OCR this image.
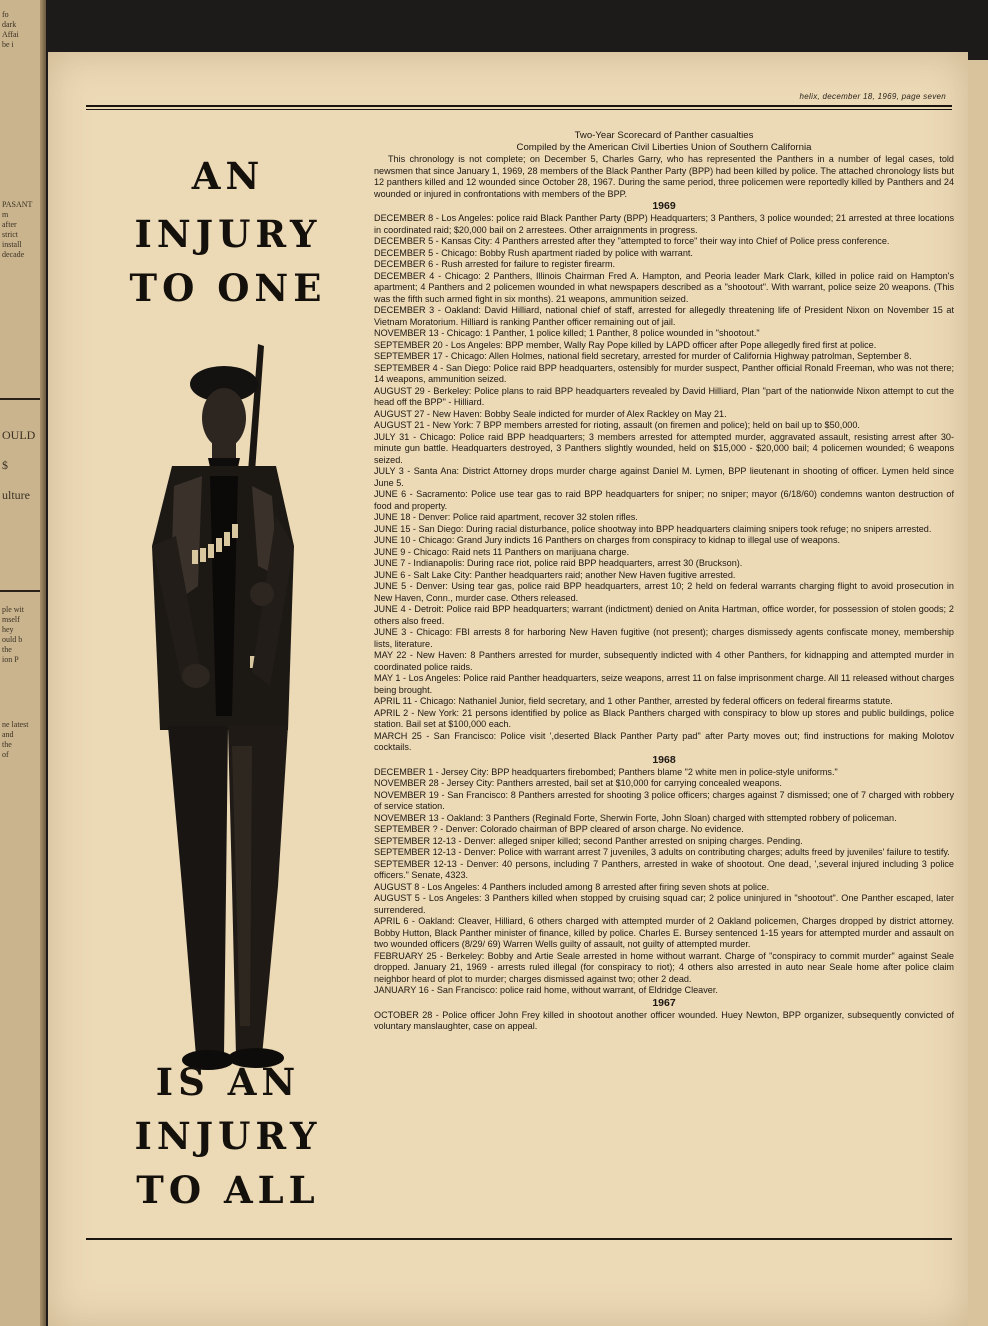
fo
dark
Affai
be i
PASANT
m
after
strict
install
decade
OULD
$
ulture
ple wit
mself
hey
ould b
the
ion P
ne latest
and
the
of
helix, december 18, 1969, page seven
AN
INJURY
TO ONE
IS AN
INJURY
TO ALL
Two-Year Scorecard of Panther casualties
Compiled by the American Civil Liberties Union of Southern California
This chronology is not complete; on December 5, Charles Garry, who has represented the Panthers in a number of legal cases, told newsmen that since January 1, 1969, 28 members of the Black Panther Party (BPP) had been killed by police. The attached chronology lists but 12 panthers killed and 12 wounded since October 28, 1967. During the same period, three policemen were reportedly killed by Panthers and 24 wounded or injured in confrontations with members of the BPP.
1969
DECEMBER 8 - Los Angeles: police raid Black Panther Party (BPP) Headquarters; 3 Panthers, 3 police wounded; 21 arrested at three locations in coordinated raid; $20,000 bail on 2 arrestees. Other arraignments in progress.
DECEMBER 5 - Kansas City: 4 Panthers arrested after they "attempted to force" their way into Chief of Police press conference.
DECEMBER 5 - Chicago: Bobby Rush apartment riaded by police with warrant.
DECEMBER 6 - Rush arrested for failure to register firearm.
DECEMBER 4 - Chicago: 2 Panthers, Illinois Chairman Fred A. Hampton, and Peoria leader Mark Clark, killed in police raid on Hampton's apartment; 4 Panthers and 2 policemen wounded in what newspapers described as a "shootout". With warrant, police seize 20 weapons. (This was the fifth such armed fight in six months). 21 weapons, ammunition seized.
DECEMBER 3 - Oakland: David Hilliard, national chief of staff, arrested for allegedly threatening life of President Nixon on November 15 at Vietnam Moratorium. Hilliard is ranking Panther officer remaining out of jail.
NOVEMBER 13 - Chicago: 1 Panther, 1 police killed; 1 Panther, 8 police wounded in "shootout."
SEPTEMBER 20 - Los Angeles: BPP member, Wally Ray Pope killed by LAPD officer after Pope allegedly fired first at police.
SEPTEMBER 17 - Chicago: Allen Holmes, national field secretary, arrested for murder of California Highway patrolman, September 8.
SEPTEMBER 4 - San Diego: Police raid BPP headquarters, ostensibly for murder suspect, Panther official Ronald Freeman, who was not there; 14 weapons, ammunition seized.
AUGUST 29 - Berkeley: Police plans to raid BPP headquarters revealed by David Hilliard, Plan "part of the nationwide Nixon attempt to cut the head off the BPP" - Hilliard.
AUGUST 27 - New Haven: Bobby Seale indicted for murder of Alex Rackley on May 21.
AUGUST 21 - New York: 7 BPP members arrested for rioting, assault (on firemen and police); held on bail up to $50,000.
JULY 31 - Chicago: Police raid BPP headquarters; 3 members arrested for attempted murder, aggravated assault, resisting arrest after 30-minute gun battle. Headquarters destroyed, 3 Panthers slightly wounded, held on $15,000 - $20,000 bail; 4 policemen wounded; 6 weapons seized.
JULY 3 - Santa Ana: District Attorney drops murder charge against Daniel M. Lymen, BPP lieutenant in shooting of officer. Lymen held since June 5.
JUNE 6 - Sacramento: Police use tear gas to raid BPP headquarters for sniper; no sniper; mayor (6/18/60) condemns wanton destruction of food and property.
JUNE 18 - Denver: Police raid apartment, recover 32 stolen rifles.
JUNE 15 - San Diego: During racial disturbance, police shootway into BPP headquarters claiming snipers took refuge; no snipers arrested.
JUNE 10 - Chicago: Grand Jury indicts 16 Panthers on charges from conspiracy to kidnap to illegal use of weapons.
JUNE 9 - Chicago: Raid nets 11 Panthers on marijuana charge.
JUNE 7 - Indianapolis: During race riot, police raid BPP headquarters, arrest 30 (Bruckson).
JUNE 6 - Salt Lake City: Panther headquarters raid; another New Haven fugitive arrested.
JUNE 5 - Denver: Using tear gas, police raid BPP headquarters, arrest 10; 2 held on federal warrants charging flight to avoid prosecution in New Haven, Conn., murder case. Others released.
JUNE 4 - Detroit: Police raid BPP headquarters; warrant (indictment) denied on Anita Hartman, office worder, for possession of stolen goods; 2 others also freed.
JUNE 3 - Chicago: FBI arrests 8 for harboring New Haven fugitive (not present); charges dismissedy agents confiscate money, membership lists, literature.
MAY 22 - New Haven: 8 Panthers arrested for murder, subsequently indicted with 4 other Panthers, for kidnapping and attempted murder in coordinated police raids.
MAY 1 - Los Angeles: Police raid Panther headquarters, seize weapons, arrest 11 on false imprisonment charge. All 11 released without charges being brought.
APRIL 11 - Chicago: Nathaniel Junior, field secretary, and 1 other Panther, arrested by federal officers on federal firearms statute.
APRIL 2 - New York: 21 persons identified by police as Black Panthers charged with conspiracy to blow up stores and public buildings, police station. Bail set at $100,000 each.
MARCH 25 - San Francisco: Police visit ',deserted Black Panther Party pad" after Party moves out; find instructions for making Molotov cocktails.
1968
DECEMBER 1 - Jersey City: BPP headquarters firebombed; Panthers blame "2 white men in police-style uniforms."
NOVEMBER 28 - Jersey City: Panthers arrested, bail set at $10,000 for carrying concealed weapons.
NOVEMBER 19 - San Francisco: 8 Panthers arrested for shooting 3 police officers; charges against 7 dismissed; one of 7 charged with robbery of service station.
NOVEMBER 13 - Oakland: 3 Panthers (Reginald Forte, Sherwin Forte, John Sloan) charged with sttempted robbery of policeman.
SEPTEMBER ? - Denver: Colorado chairman of BPP cleared of arson charge. No evidence.
SEPTEMBER 12-13 - Denver: alleged sniper killed; second Panther arrested on sniping charges. Pending.
SEPTEMBER 12-13 - Denver: Police with warrant arrest 7 juveniles, 3 adults on contributing charges; adults freed by juveniles' failure to testify.
SEPTEMBER 12-13 - Denver: 40 persons, including 7 Panthers, arrested in wake of shootout. One dead, ',several injured including 3 police officers." Senate, 4323.
AUGUST 8 - Los Angeles: 4 Panthers included among 8 arrested after firing seven shots at police.
AUGUST 5 - Los Angeles: 3 Panthers killed when stopped by cruising squad car; 2 police uninjured in "shootout". One Panther escaped, later surrendered.
APRIL 6 - Oakland: Cleaver, Hilliard, 6 others charged with attempted murder of 2 Oakland policemen, Charges dropped by district attorney. Bobby Hutton, Black Panther minister of finance, killed by police. Charles E. Bursey sentenced 1-15 years for attempted murder and assault on two wounded officers (8/29/ 69) Warren Wells guilty of assault, not guilty of attempted murder.
FEBRUARY 25 - Berkeley: Bobby and Artie Seale arrested in home without warrant. Charge of "conspiracy to commit murder" against Seale dropped. January 21, 1969 - arrests ruled illegal (for conspiracy to riot); 4 others also arrested in auto near Seale home after police claim neighbor heard of plot to murder; charges dismissed against two; other 2 dead.
JANUARY 16 - San Francisco: police raid home, without warrant, of Eldridge Cleaver.
1967
OCTOBER 28 - Police officer John Frey killed in shootout another officer wounded. Huey Newton, BPP organizer, subsequently convicted of voluntary manslaughter, case on appeal.
